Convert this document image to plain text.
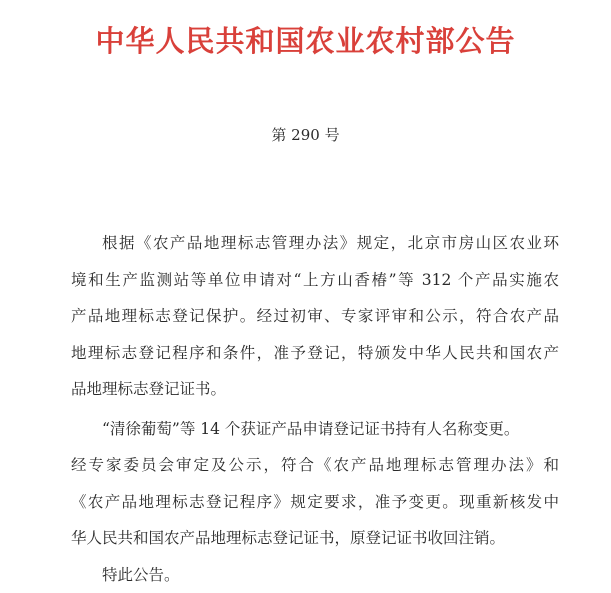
中华人民共和国农业农村部公告
第 290 号
根据《农产品地理标志管理办法》规定，北京市房山区农业环
境和生产监测站等单位申请对“上方山香椿”等 312 个产品实施农
产品地理标志登记保护。经过初审、专家评审和公示，符合农产品
地理标志登记程序和条件，准予登记，特颁发中华人民共和国农产
品地理标志登记证书。
“清徐葡萄”等 14 个获证产品申请登记证书持有人名称变更。
经专家委员会审定及公示，符合《农产品地理标志管理办法》和
《农产品地理标志登记程序》规定要求，准予变更。现重新核发中
华人民共和国农产品地理标志登记证书，原登记证书收回注销。
特此公告。
